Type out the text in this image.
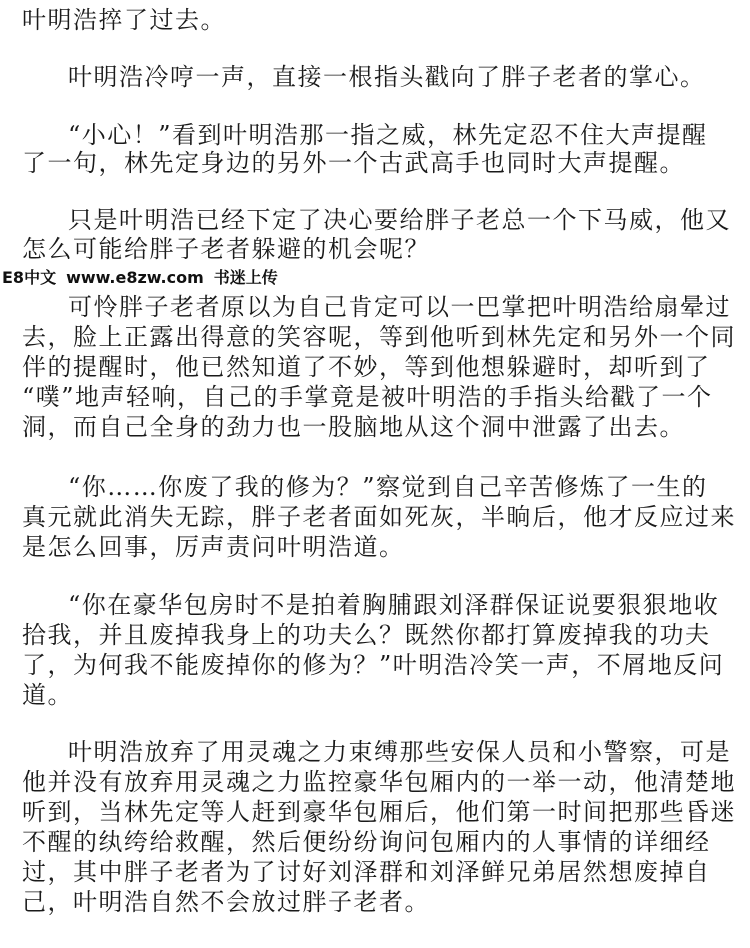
叶明浩捽了过去。
叶明浩冷哼一声，直接一根指头戳向了胖子老者的掌心。
“小心！”看到叶明浩那一指之威，林先定忍不住大声提醒
了一句，林先定身边的另外一个古武高手也同时大声提醒。
只是叶明浩已经下定了决心要给胖子老总一个下马威，他又
怎么可能给胖子老者躲避的机会呢？
E8中文 www.e8zw.com 书迷上传
可怜胖子老者原以为自己肯定可以一巴掌把叶明浩给扇晕过
去，脸上正露出得意的笑容呢，等到他听到林先定和另外一个同
伴的提醒时，他已然知道了不妙，等到他想躲避时，却听到了
“噗”地声轻响，自己的手掌竟是被叶明浩的手指头给戳了一个
洞，而自己全身的劲力也一股脑地从这个洞中泄露了出去。
“你……你废了我的修为？”察觉到自己辛苦修炼了一生的
真元就此消失无踪，胖子老者面如死灰，半晌后，他才反应过来
是怎么回事，厉声责问叶明浩道。
“你在豪华包房时不是拍着胸脯跟刘泽群保证说要狠狠地收
拾我，并且废掉我身上的功夫么？既然你都打算废掉我的功夫
了，为何我不能废掉你的修为？”叶明浩冷笑一声，不屑地反问
道。
叶明浩放弃了用灵魂之力束缚那些安保人员和小警察，可是
他并没有放弃用灵魂之力监控豪华包厢内的一举一动，他清楚地
听到，当林先定等人赶到豪华包厢后，他们第一时间把那些昏迷
不醒的纨绔给救醒，然后便纷纷询问包厢内的人事情的详细经
过，其中胖子老者为了讨好刘泽群和刘泽鲜兄弟居然想废掉自
己，叶明浩自然不会放过胖子老者。
